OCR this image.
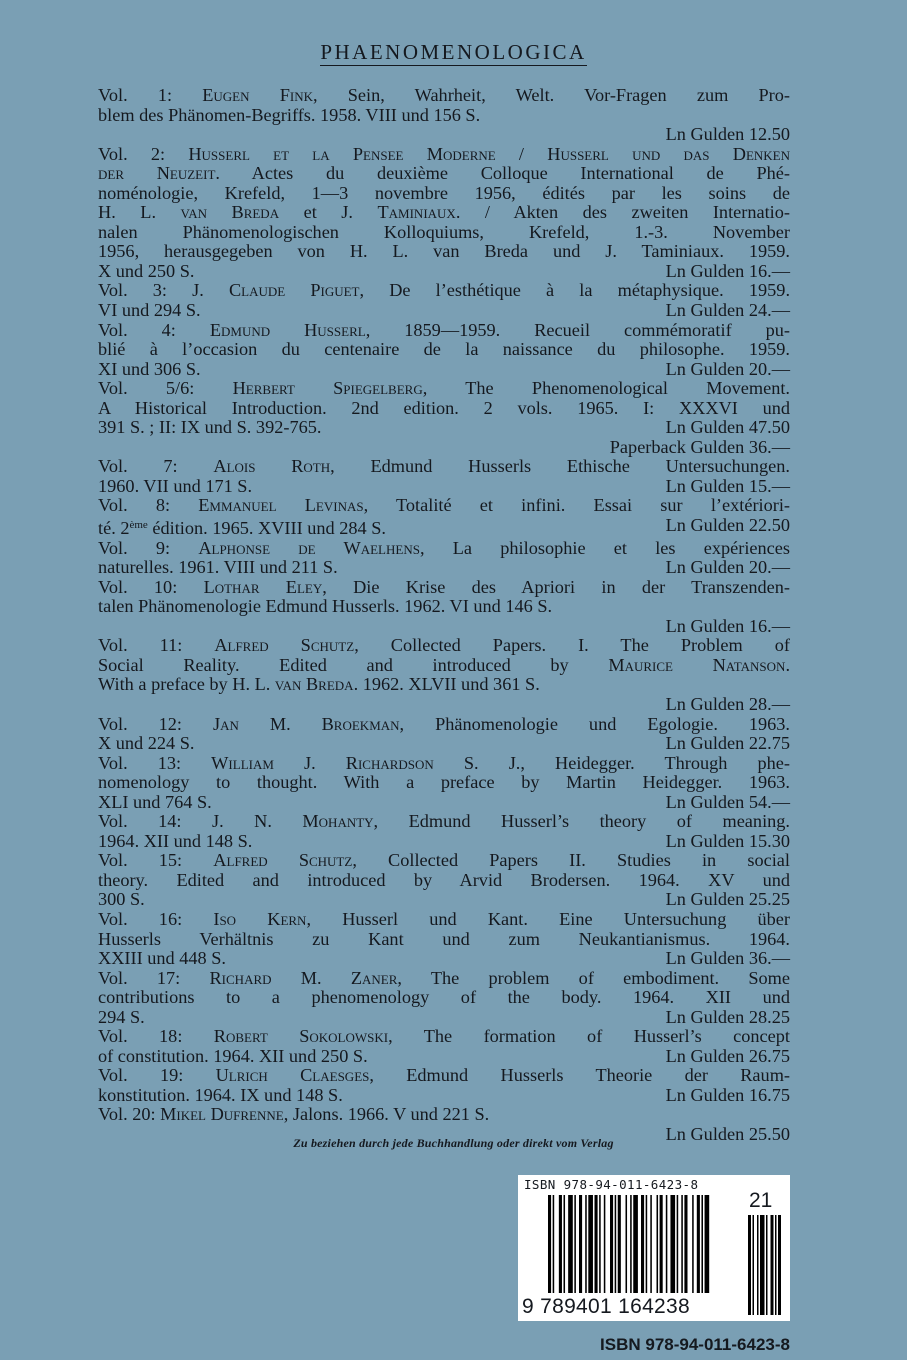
PHAENOMENOLOGICA
Vol. 1: Eugen Fink, Sein, Wahrheit, Welt. Vor-Fragen zum Pro-
blem des Phänomen-Begriffs. 1958. VIII und 156 S.
Ln Gulden 12.50
Vol. 2: Husserl et la Pensee Moderne / Husserl und das Denken
der Neuzeit. Actes du deuxième Colloque International de Phé-
noménologie, Krefeld, 1—3 novembre 1956, édités par les soins de
H. L. van Breda et J. Taminiaux. / Akten des zweiten Internatio-
nalen Phänomenologischen Kolloquiums, Krefeld, 1.-3. November
1956, herausgegeben von H. L. van Breda und J. Taminiaux. 1959.
X und 250 S.	Ln Gulden 16.—
Vol. 3: J. Claude Piguet, De l’esthétique à la métaphysique. 1959.
VI und 294 S.	Ln Gulden 24.—
Vol. 4: Edmund Husserl, 1859—1959. Recueil commémoratif pu-
blié à l’occasion du centenaire de la naissance du philosophe. 1959.
XI und 306 S.	Ln Gulden 20.—
Vol. 5/6: Herbert Spiegelberg, The Phenomenological Movement.
A Historical Introduction. 2nd edition. 2 vols. 1965. I: XXXVI und
391 S. ; II: IX und S. 392-765.	Ln Gulden 47.50
Paperback Gulden 36.—
Vol. 7: Alois Roth, Edmund Husserls Ethische Untersuchungen.
1960. VII und 171 S.	Ln Gulden 15.—
Vol. 8: Emmanuel Levinas, Totalité et infini. Essai sur l’extériori-
té. 2ème édition. 1965. XVIII und 284 S.	Ln Gulden 22.50
Vol. 9: Alphonse de Waelhens, La philosophie et les expériences
naturelles. 1961. VIII und 211 S.	Ln Gulden 20.—
Vol. 10: Lothar Eley, Die Krise des Apriori in der Transzenden-
talen Phänomenologie Edmund Husserls. 1962. VI und 146 S.
Ln Gulden 16.—
Vol. 11: Alfred Schutz, Collected Papers. I. The Problem of
Social Reality. Edited and introduced by Maurice Natanson.
With a preface by H. L. van Breda. 1962. XLVII und 361 S.
Ln Gulden 28.—
Vol. 12: Jan M. Broekman, Phänomenologie und Egologie. 1963.
X und 224 S.	Ln Gulden 22.75
Vol. 13: William J. Richardson S. J., Heidegger. Through phe-
nomenology to thought. With a preface by Martin Heidegger. 1963.
XLI und 764 S.	Ln Gulden 54.—
Vol. 14: J. N. Mohanty, Edmund Husserl’s theory of meaning.
1964. XII und 148 S.	Ln Gulden 15.30
Vol. 15: Alfred Schutz, Collected Papers II. Studies in social
theory. Edited and introduced by Arvid Brodersen. 1964. XV und
300 S.	Ln Gulden 25.25
Vol. 16: Iso Kern, Husserl und Kant. Eine Untersuchung über
Husserls Verhältnis zu Kant und zum Neukantianismus. 1964.
XXIII und 448 S.	Ln Gulden 36.—
Vol. 17: Richard M. Zaner, The problem of embodiment. Some
contributions to a phenomenology of the body. 1964. XII und
294 S.	Ln Gulden 28.25
Vol. 18: Robert Sokolowski, The formation of Husserl’s concept
of constitution. 1964. XII und 250 S.	Ln Gulden 26.75
Vol. 19: Ulrich Claesges, Edmund Husserls Theorie der Raum-
konstitution. 1964. IX und 148 S.	Ln Gulden 16.75
Vol. 20: Mikel Dufrenne, Jalons. 1966. V und 221 S.
Ln Gulden 25.50
Zu beziehen durch jede Buchhandlung oder direkt vom Verlag
ISBN 978-94-011-6423-8
9 789401 164238
21
ISBN 978-94-011-6423-8
